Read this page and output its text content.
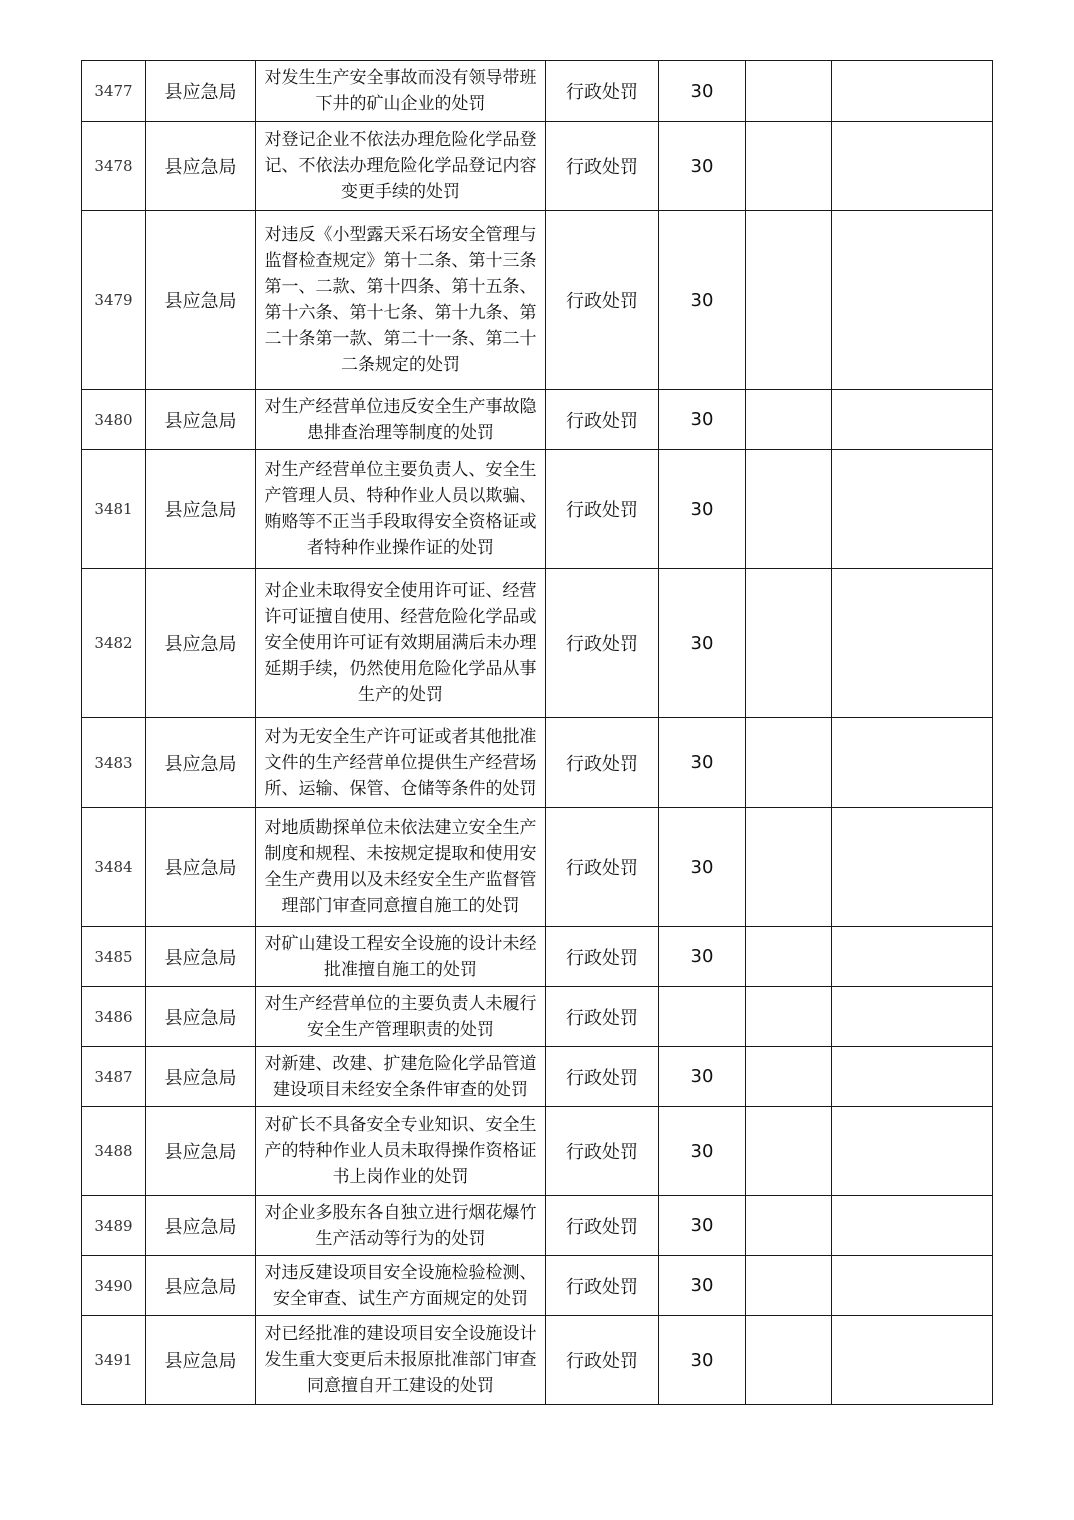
3477	县应急局	对发生生产安全事故而没有领导带班下井的矿山企业的处罚	行政处罚	30		
3478	县应急局	对登记企业不依法办理危险化学品登记、不依法办理危险化学品登记内容变更手续的处罚	行政处罚	30		
3479	县应急局	对违反《小型露天采石场安全管理与监督检查规定》第十二条、第十三条第一、二款、第十四条、第十五条、第十六条、第十七条、第十九条、第二十条第一款、第二十一条、第二十二条规定的处罚	行政处罚	30		
3480	县应急局	对生产经营单位违反安全生产事故隐患排查治理等制度的处罚	行政处罚	30		
3481	县应急局	对生产经营单位主要负责人、安全生产管理人员、特种作业人员以欺骗、贿赂等不正当手段取得安全资格证或者特种作业操作证的处罚	行政处罚	30		
3482	县应急局	对企业未取得安全使用许可证、经营许可证擅自使用、经营危险化学品或安全使用许可证有效期届满后未办理延期手续，仍然使用危险化学品从事生产的处罚	行政处罚	30		
3483	县应急局	对为无安全生产许可证或者其他批准文件的生产经营单位提供生产经营场所、运输、保管、仓储等条件的处罚	行政处罚	30		
3484	县应急局	对地质勘探单位未依法建立安全生产制度和规程、未按规定提取和使用安全生产费用以及未经安全生产监督管理部门审查同意擅自施工的处罚	行政处罚	30		
3485	县应急局	对矿山建设工程安全设施的设计未经批准擅自施工的处罚	行政处罚	30		
3486	县应急局	对生产经营单位的主要负责人未履行安全生产管理职责的处罚	行政处罚			
3487	县应急局	对新建、改建、扩建危险化学品管道建设项目未经安全条件审查的处罚	行政处罚	30		
3488	县应急局	对矿长不具备安全专业知识、安全生产的特种作业人员未取得操作资格证书上岗作业的处罚	行政处罚	30		
3489	县应急局	对企业多股东各自独立进行烟花爆竹生产活动等行为的处罚	行政处罚	30		
3490	县应急局	对违反建设项目安全设施检验检测、安全审查、试生产方面规定的处罚	行政处罚	30		
3491	县应急局	对已经批准的建设项目安全设施设计发生重大变更后未报原批准部门审查同意擅自开工建设的处罚	行政处罚	30		
